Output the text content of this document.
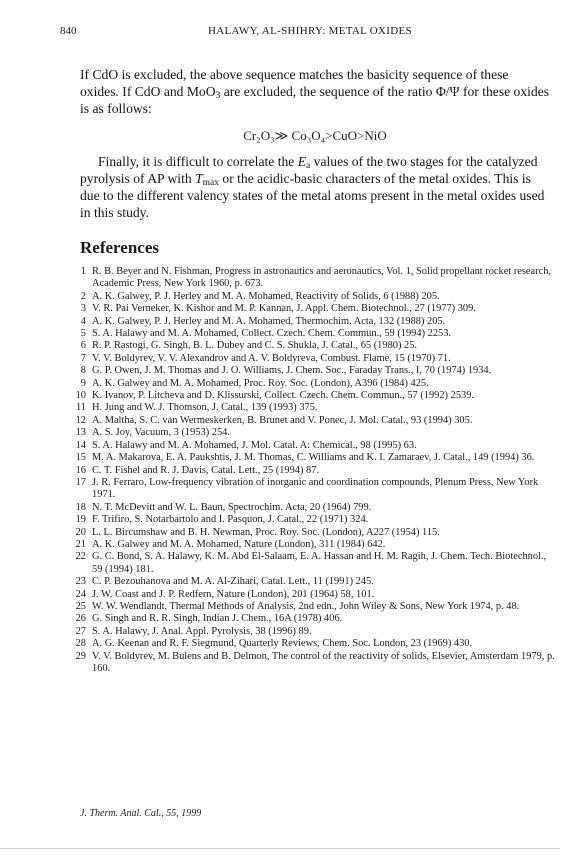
840	HALAWY, AL-SHIHRY: METAL OXIDES
If CdO is excluded, the above sequence matches the basicity sequence of these oxides. If CdO and MoO$_3$ are excluded, the sequence of the ratio Φ/Ψ for these oxides is as follows:
Cr₂O₃≫ Co₃O₄>CuO>NiO
Finally, it is difficult to correlate the $E_a$ values of the two stages for the catalyzed pyrolysis of AP with $T_{max}$ or the acidic-basic characters of the metal oxides. This is due to the different valency states of the metal atoms present in the metal oxides used in this study.
References
1 R. B. Beyer and N. Fishman, Progress in astronautics and aeronautics, Vol. 1, Solid propellant rocket research, Academic Press, New York 1960, p. 673.
2 A. K. Galwey, P. J. Herley and M. A. Mohamed, Reactivity of Solids, 6 (1988) 205.
3 V. R. Pai Verneker, K. Kishor and M. P. Kannan, J. Appl. Chem. Biotechnol., 27 (1977) 309.
4 A. K. Galwey, P. J. Herley and M. A. Mohamed, Thermochim. Acta, 132 (1988) 205.
5 S. A. Halawy and M. A. Mohamed, Collect. Czech. Chem. Commun., 59 (1994) 2253.
6 R. P. Rastogi, G. Singh, B. L. Dubey and C. S. Shukla, J. Catal., 65 (1980) 25.
7 V. V. Boldyrev, V. V. Alexandrov and A. V. Boldyreva, Combust. Flame, 15 (1970) 71.
8 G. P. Owen, J. M. Thomas and J. O. Williams, J. Chem. Soc., Faraday Trans., I, 70 (1974) 1934.
9 A. K. Galwey and M. A. Mohamed, Proc. Roy. Soc. (London), A396 (1984) 425.
10 K. Ivanov, P. Litcheva and D. Klissurski, Collect. Czech. Chem. Commun., 57 (1992) 2539.
11 H. Jung and W. J. Thomson, J. Catal., 139 (1993) 375.
12 A. Maltha, S. C. van Wermeskerken, B. Brunet and V. Ponec, J. Mol. Catal., 93 (1994) 305.
13 A. S. Joy, Vacuum, 3 (1953) 254.
14 S. A. Halawy and M. A. Mohamed, J. Mol. Catal. A: Chemical., 98 (1995) 63.
15 M. A. Makarova, E. A. Paukshtis, J. M. Thomas, C. Williams and K. I. Zamaraev, J. Catal., 149 (1994) 36.
16 C. T. Fishel and R. J. Davis, Catal. Lett., 25 (1994) 87.
17 J. R. Ferraro, Low-frequency vibration of inorganic and coordination compounds, Plenum Press, New York 1971.
18 N. T. McDevitt and W. L. Baun, Spectrochim. Acta, 20 (1964) 799.
19 F. Trifiro, S. Notarbartolo and I. Pasquon, J. Catal., 22 (1971) 324.
20 L. L. Bircumshaw and B. H. Newman, Proc. Roy. Soc. (London), A227 (1954) 115.
21 A. K. Galwey and M. A. Mohamed, Nature (London), 311 (1984) 642.
22 G. C. Bond, S. A. Halawy, K. M. Abd El-Salaam, E. A. Hassan and H. M. Ragih, J. Chem. Tech. Biotechnol., 59 (1994) 181.
23 C. P. Bezouhanova and M. A. Al-Zihari, Catal. Lett., 11 (1991) 245.
24 J. W. Coast and J. P. Redfern, Nature (London), 201 (1964) 58, 101.
25 W. W. Wendlandt, Thermal Methods of Analysis, 2nd edn., John Wiley & Sons, New York 1974, p. 48.
26 G. Singh and R. R. Singh, Indian J. Chem., 16A (1978) 406.
27 S. A. Halawy, J. Anal. Appl. Pyrolysis, 38 (1996) 89.
28 A. G. Keenan and R. F. Siegmund, Quarterly Reviews, Chem. Soc. London, 23 (1969) 430.
29 V. V. Boldyrev, M. Bulens and B. Delmon, The control of the reactivity of solids, Elsevier, Amsterdam 1979, p. 160.
J. Therm. Anal. Cal., 55, 1999
